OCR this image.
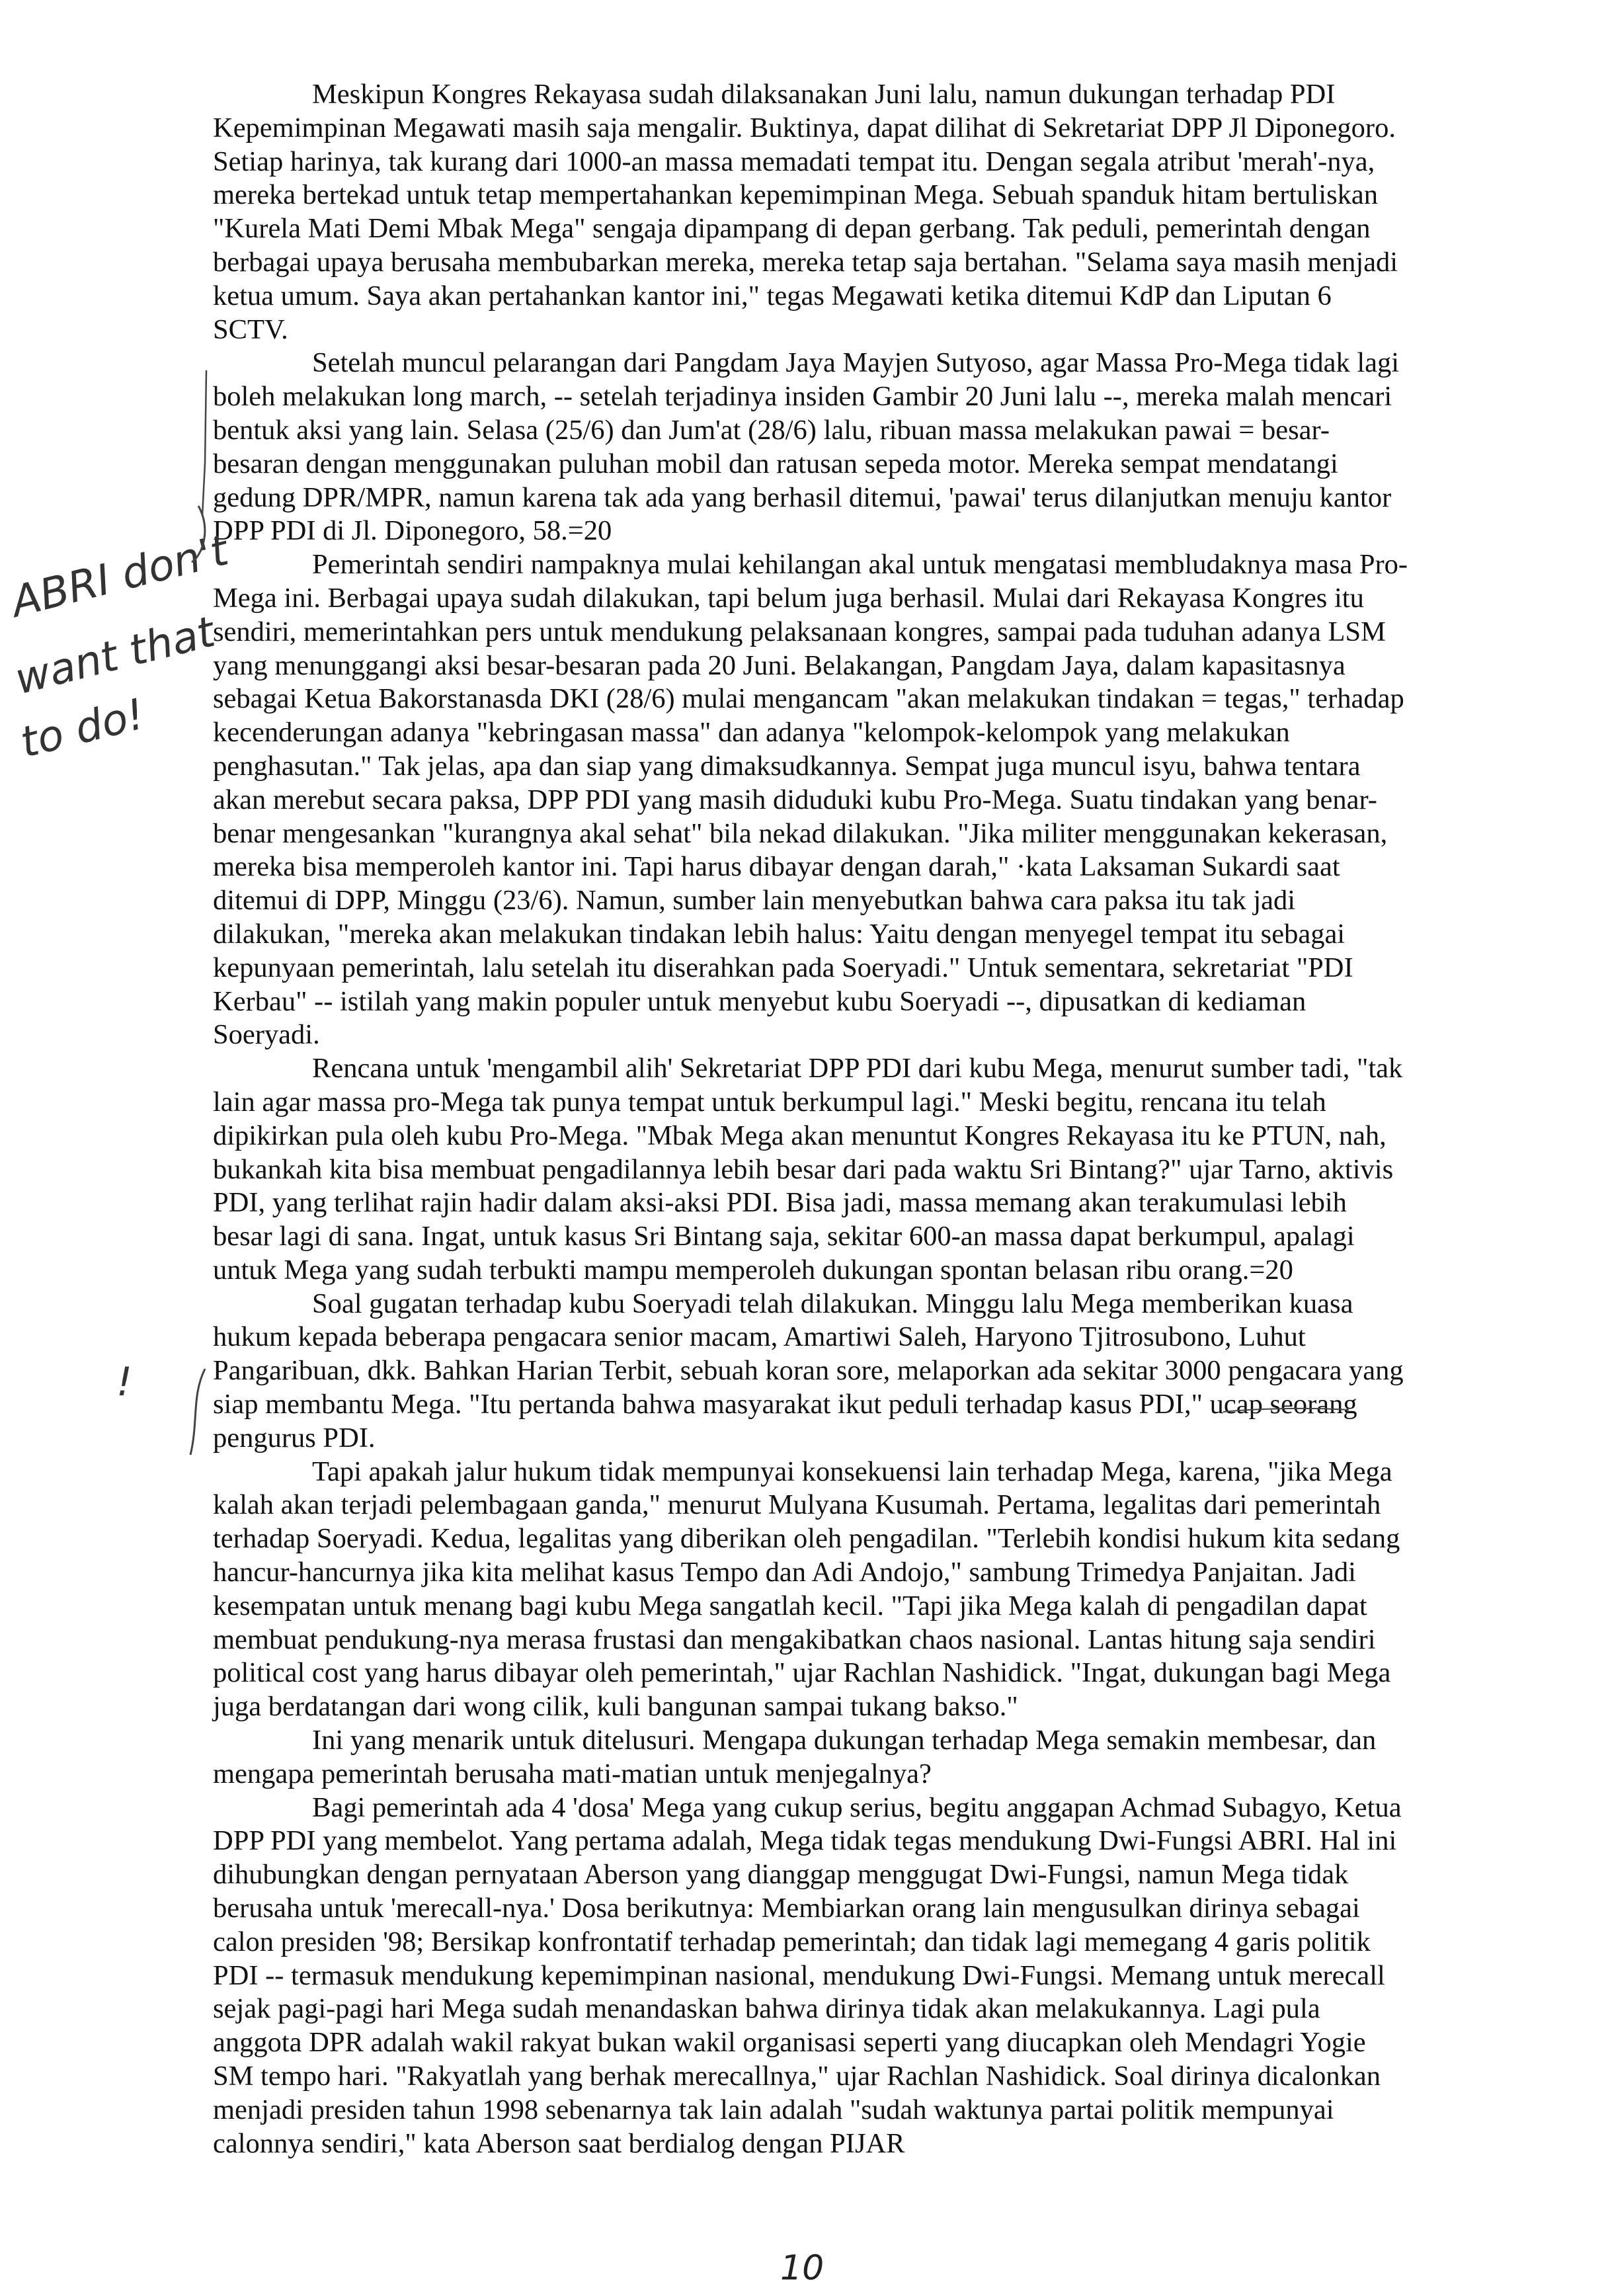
Meskipun Kongres Rekayasa sudah dilaksanakan Juni lalu, namun dukungan terhadap PDI Kepemimpinan Megawati masih saja mengalir. Buktinya, dapat dilihat di Sekretariat DPP Jl Diponegoro. Setiap harinya, tak kurang dari 1000-an massa memadati tempat itu. Dengan segala atribut 'merah'-nya, mereka bertekad untuk tetap mempertahankan kepemimpinan Mega. Sebuah spanduk hitam bertuliskan "Kurela Mati Demi Mbak Mega" sengaja dipampang di depan gerbang. Tak peduli, pemerintah dengan berbagai upaya berusaha membubarkan mereka, mereka tetap saja bertahan. "Selama saya masih menjadi ketua umum. Saya akan pertahankan kantor ini," tegas Megawati ketika ditemui KdP dan Liputan 6 SCTV.

Setelah muncul pelarangan dari Pangdam Jaya Mayjen Sutyoso, agar Massa Pro-Mega tidak lagi boleh melakukan long march, -- setelah terjadinya insiden Gambir 20 Juni lalu --, mereka malah mencari bentuk aksi yang lain. Selasa (25/6) dan Jum'at (28/6) lalu, ribuan massa melakukan pawai = besar-besaran dengan menggunakan puluhan mobil dan ratusan sepeda motor. Mereka sempat mendatangi gedung DPR/MPR, namun karena tak ada yang berhasil ditemui, 'pawai' terus dilanjutkan menuju kantor DPP PDI di Jl. Diponegoro, 58.=20

Pemerintah sendiri nampaknya mulai kehilangan akal untuk mengatasi membludaknya masa Pro-Mega ini. Berbagai upaya sudah dilakukan, tapi belum juga berhasil. Mulai dari Rekayasa Kongres itu sendiri, memerintahkan pers untuk mendukung pelaksanaan kongres, sampai pada tuduhan adanya LSM yang menunggangi aksi besar-besaran pada 20 Juni. Belakangan, Pangdam Jaya, dalam kapasitasnya sebagai Ketua Bakorstanasda DKI (28/6) mulai mengancam "akan melakukan tindakan = tegas," terhadap kecenderungan adanya "kebringasan massa" dan adanya "kelompok-kelompok yang melakukan penghasutan." Tak jelas, apa dan siap yang dimaksudkannya. Sempat juga muncul isyu, bahwa tentara akan merebut secara paksa, DPP PDI yang masih diduduki kubu Pro-Mega. Suatu tindakan yang benar-benar mengesankan "kurangnya akal sehat" bila nekad dilakukan. "Jika militer menggunakan kekerasan, mereka bisa memperoleh kantor ini. Tapi harus dibayar dengan darah," ·kata Laksaman Sukardi saat ditemui di DPP, Minggu (23/6). Namun, sumber lain menyebutkan bahwa cara paksa itu tak jadi dilakukan, "mereka akan melakukan tindakan lebih halus: Yaitu dengan menyegel tempat itu sebagai kepunyaan pemerintah, lalu setelah itu diserahkan pada Soeryadi." Untuk sementara, sekretariat "PDI Kerbau" -- istilah yang makin populer untuk menyebut kubu Soeryadi --, dipusatkan di kediaman Soeryadi.

Rencana untuk 'mengambil alih' Sekretariat DPP PDI dari kubu Mega, menurut sumber tadi, "tak lain agar massa pro-Mega tak punya tempat untuk berkumpul lagi." Meski begitu, rencana itu telah dipikirkan pula oleh kubu Pro-Mega. "Mbak Mega akan menuntut Kongres Rekayasa itu ke PTUN, nah, bukankah kita bisa membuat pengadilannya lebih besar dari pada waktu Sri Bintang?" ujar Tarno, aktivis PDI, yang terlihat rajin hadir dalam aksi-aksi PDI. Bisa jadi, massa memang akan terakumulasi lebih besar lagi di sana. Ingat, untuk kasus Sri Bintang saja, sekitar 600-an massa dapat berkumpul, apalagi untuk Mega yang sudah terbukti mampu memperoleh dukungan spontan belasan ribu orang.=20

Soal gugatan terhadap kubu Soeryadi telah dilakukan. Minggu lalu Mega memberikan kuasa hukum kepada beberapa pengacara senior macam, Amartiwi Saleh, Haryono Tjitrosubono, Luhut Pangaribuan, dkk. Bahkan Harian Terbit, sebuah koran sore, melaporkan ada sekitar 3000 pengacara yang siap membantu Mega. "Itu pertanda bahwa masyarakat ikut peduli terhadap kasus PDI," ucap seorang pengurus PDI.

Tapi apakah jalur hukum tidak mempunyai konsekuensi lain terhadap Mega, karena, "jika Mega kalah akan terjadi pelembagaan ganda," menurut Mulyana Kusumah. Pertama, legalitas dari pemerintah terhadap Soeryadi. Kedua, legalitas yang diberikan oleh pengadilan. "Terlebih kondisi hukum kita sedang hancur-hancurnya jika kita melihat kasus Tempo dan Adi Andojo," sambung Trimedya Panjaitan. Jadi kesempatan untuk menang bagi kubu Mega sangatlah kecil. "Tapi jika Mega kalah di pengadilan dapat membuat pendukung-nya merasa frustasi dan mengakibatkan chaos nasional. Lantas hitung saja sendiri political cost yang harus dibayar oleh pemerintah," ujar Rachlan Nashidick. "Ingat, dukungan bagi Mega juga berdatangan dari wong cilik, kuli bangunan sampai tukang bakso."

Ini yang menarik untuk ditelusuri. Mengapa dukungan terhadap Mega semakin membesar, dan mengapa pemerintah berusaha mati-matian untuk menjegalnya?

Bagi pemerintah ada 4 'dosa' Mega yang cukup serius, begitu anggapan Achmad Subagyo, Ketua DPP PDI yang membelot. Yang pertama adalah, Mega tidak tegas mendukung Dwi-Fungsi ABRI. Hal ini dihubungkan dengan pernyataan Aberson yang dianggap menggugat Dwi-Fungsi, namun Mega tidak berusaha untuk 'merecall-nya.' Dosa berikutnya: Membiarkan orang lain mengusulkan dirinya sebagai calon presiden '98; Bersikap konfrontatif terhadap pemerintah; dan tidak lagi memegang 4 garis politik PDI -- termasuk mendukung kepemimpinan nasional, mendukung Dwi-Fungsi. Memang untuk merecall sejak pagi-pagi hari Mega sudah menandaskan bahwa dirinya tidak akan melakukannya. Lagi pula anggota DPR adalah wakil rakyat bukan wakil organisasi seperti yang diucapkan oleh Mendagri Yogie SM tempo hari. "Rakyatlah yang berhak merecallnya," ujar Rachlan Nashidick. Soal dirinya dicalonkan menjadi presiden tahun 1998 sebenarnya tak lain adalah "sudah waktunya partai politik mempunyai calonnya sendiri," kata Aberson saat berdialog dengan PIJAR

ABRI don't
want that
to do!
!
10
